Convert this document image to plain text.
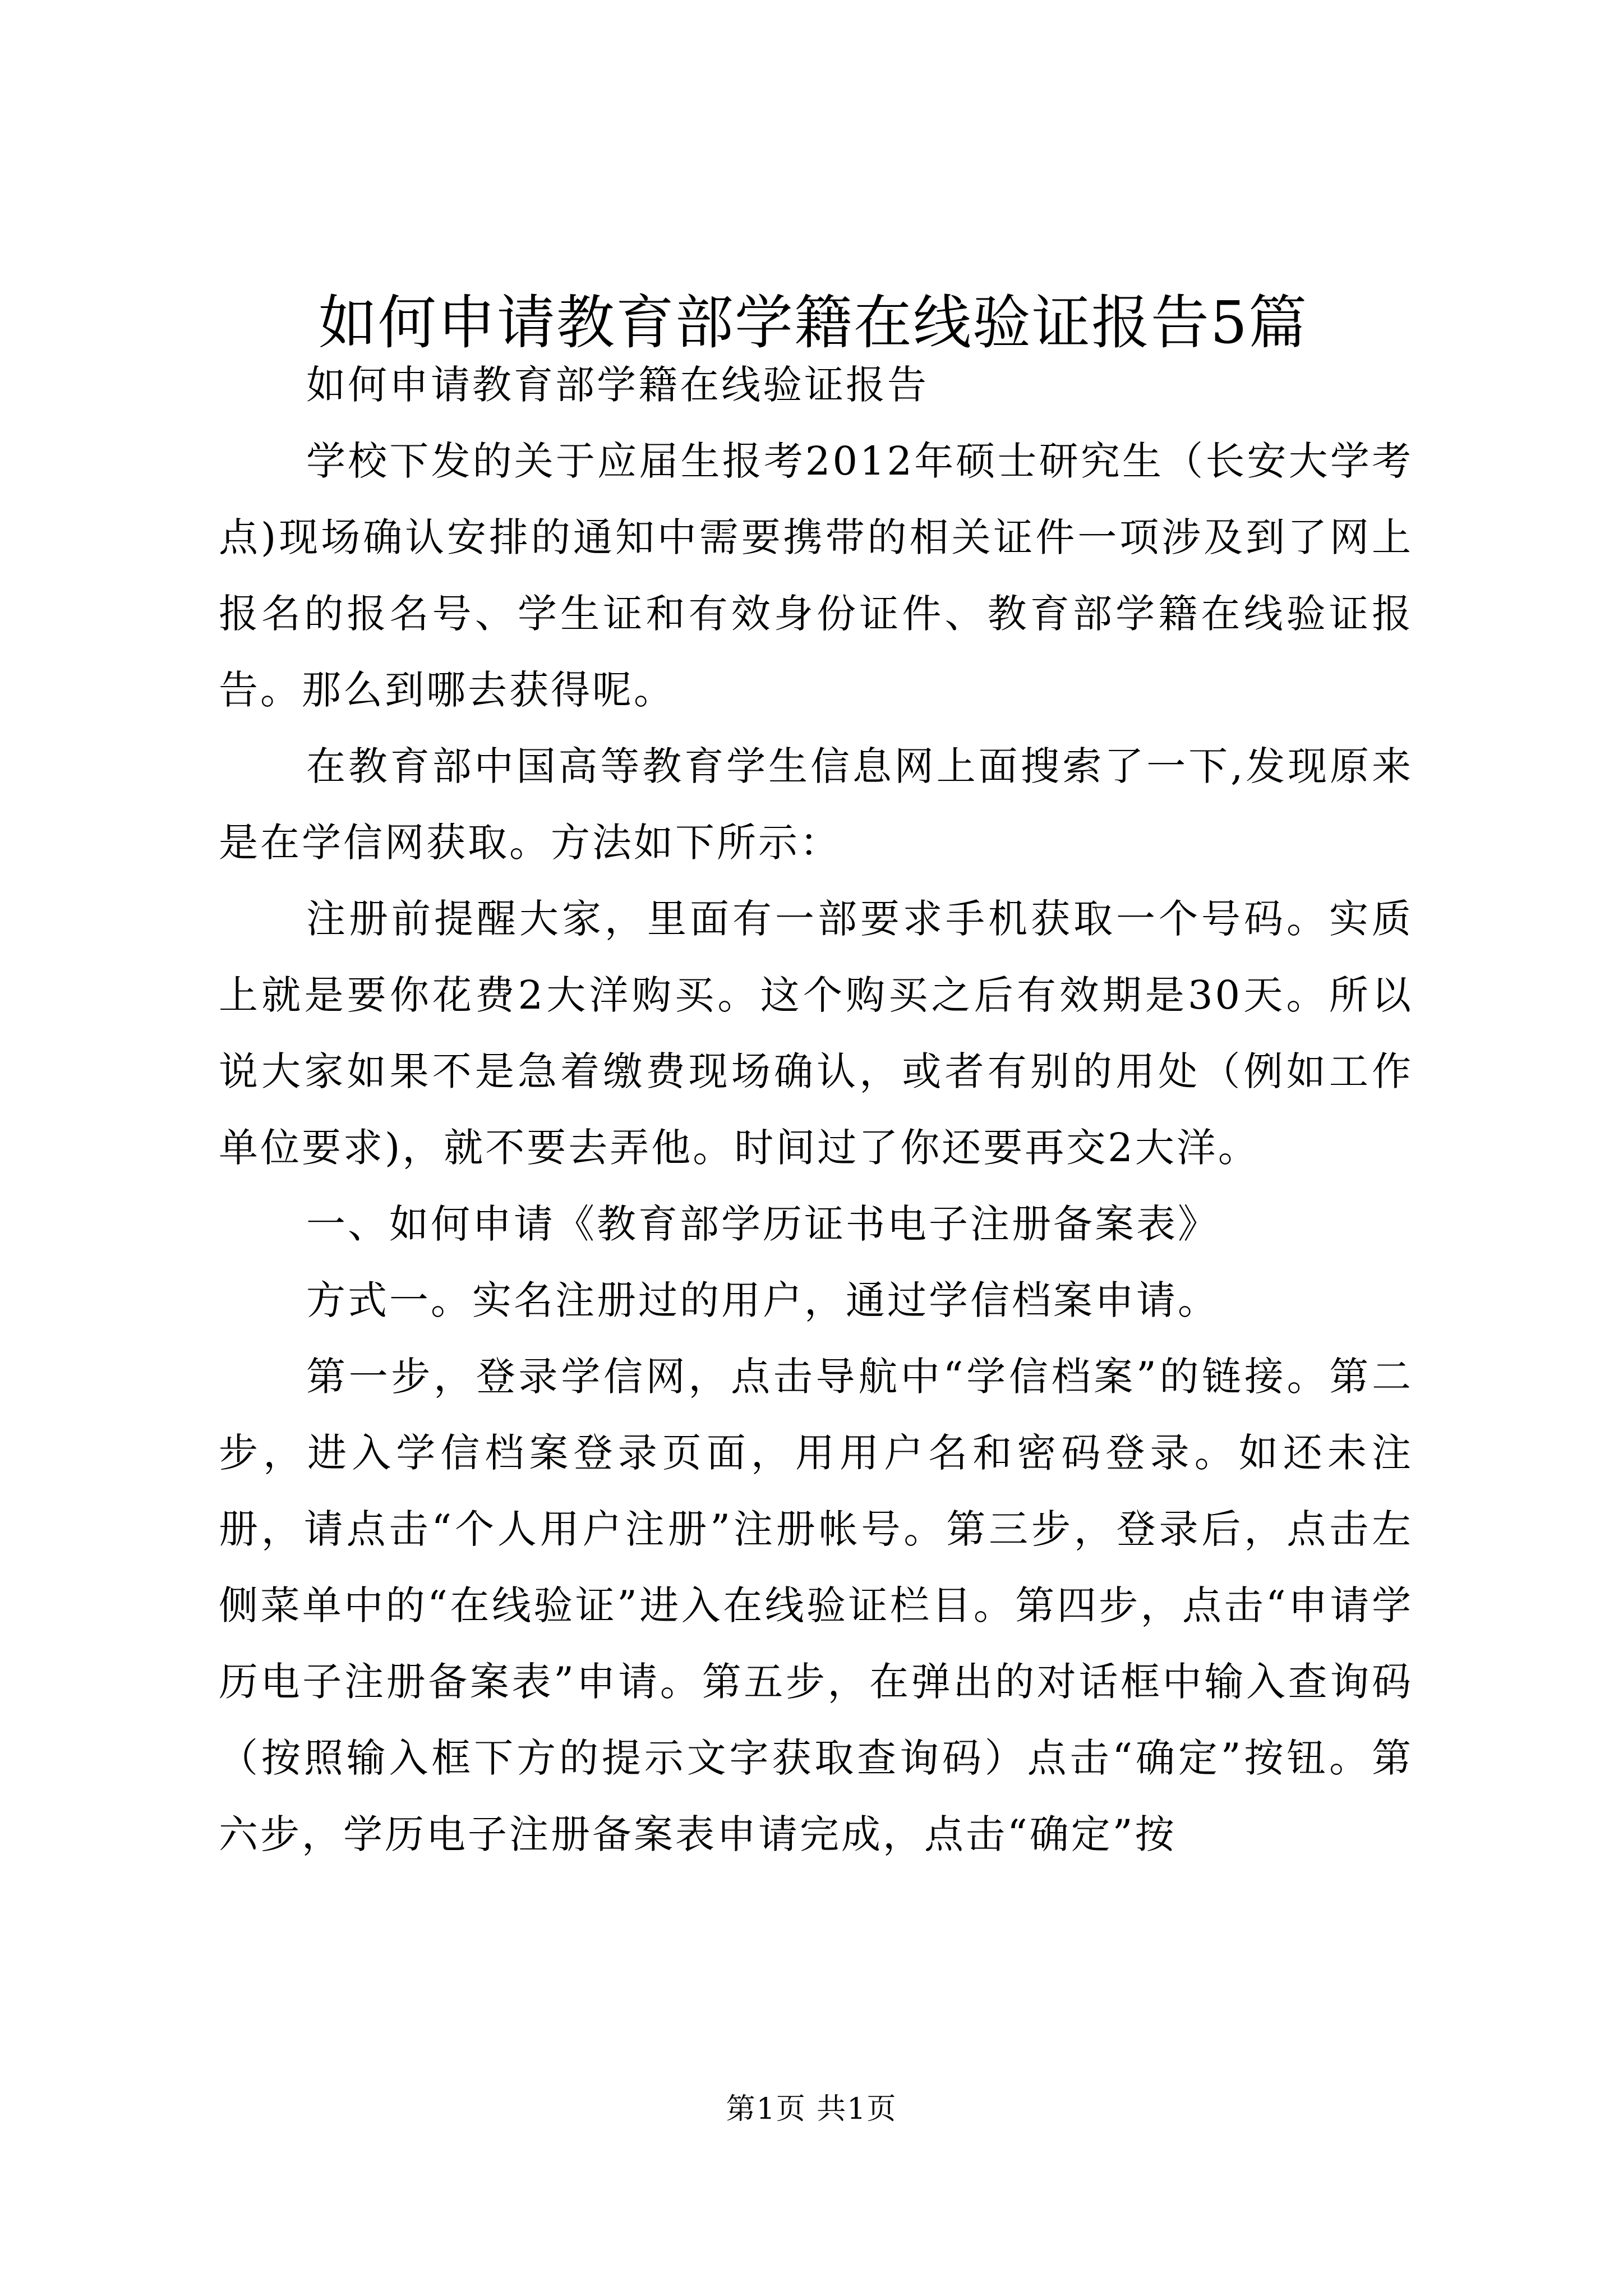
如何申请教育部学籍在线验证报告5篇

如何申请教育部学籍在线验证报告

学校下发的关于应届生报考2012年硕士研究生（长安大学考点)现场确认安排的通知中需要携带的相关证件一项涉及到了网上报名的报名号、学生证和有效身份证件、教育部学籍在线验证报告。那么到哪去获得呢。

在教育部中国高等教育学生信息网上面搜索了一下,发现原来是在学信网获取。方法如下所示：

注册前提醒大家，里面有一部要求手机获取一个号码。实质上就是要你花费2大洋购买。这个购买之后有效期是30天。所以说大家如果不是急着缴费现场确认，或者有别的用处（例如工作单位要求)，就不要去弄他。时间过了你还要再交2大洋。

一、如何申请《教育部学历证书电子注册备案表》

方式一。实名注册过的用户，通过学信档案申请。

第一步，登录学信网，点击导航中“学信档案”的链接。第二步，进入学信档案登录页面，用用户名和密码登录。如还未注册，请点击“个人用户注册”注册帐号。第三步，登录后，点击左侧菜单中的“在线验证”进入在线验证栏目。第四步，点击“申请学历电子注册备案表”申请。第五步，在弹出的对话框中输入查询码（按照输入框下方的提示文字获取查询码）点击“确定”按钮。第六步，学历电子注册备案表申请完成，点击“确定”按

第1页 共1页
